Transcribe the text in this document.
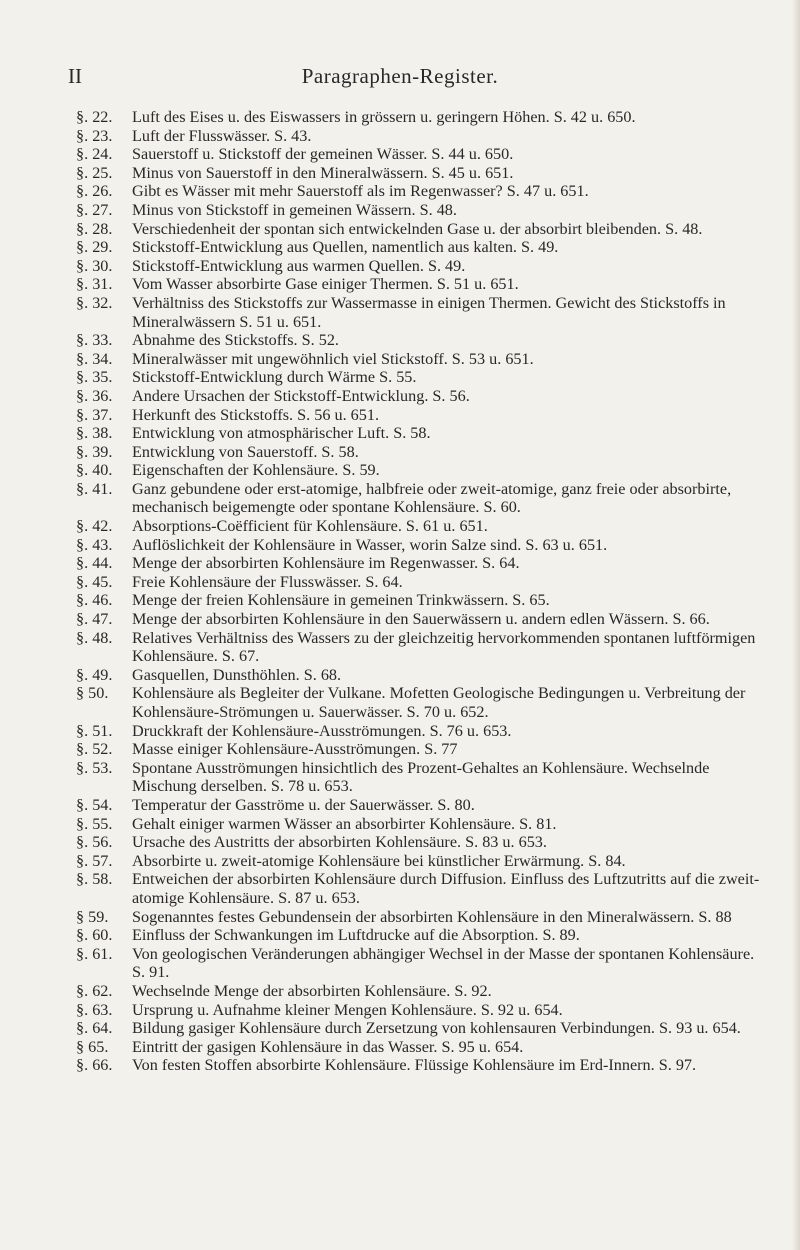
II	Paragraphen-Register.
§. 22.	Luft des Eises u. des Eiswassers in grössern u. geringern Höhen. S. 42 u. 650.
§. 23.	Luft der Flusswässer. S. 43.
§. 24.	Sauerstoff u. Stickstoff der gemeinen Wässer. S. 44 u. 650.
§. 25.	Minus von Sauerstoff in den Mineralwässern. S. 45 u. 651.
§. 26.	Gibt es Wässer mit mehr Sauerstoff als im Regenwasser? S. 47 u. 651.
§. 27.	Minus von Stickstoff in gemeinen Wässern. S. 48.
§. 28.	Verschiedenheit der spontan sich entwickelnden Gase u. der absorbirt bleibenden. S. 48.
§. 29.	Stickstoff-Entwicklung aus Quellen, namentlich aus kalten. S. 49.
§. 30.	Stickstoff-Entwicklung aus warmen Quellen. S. 49.
§. 31.	Vom Wasser absorbirte Gase einiger Thermen. S. 51 u. 651.
§. 32.	Verhältniss des Stickstoffs zur Wassermasse in einigen Thermen. Gewicht des Stickstoffs in Mineralwässern S. 51 u. 651.
§. 33.	Abnahme des Stickstoffs. S. 52.
§. 34.	Mineralwässer mit ungewöhnlich viel Stickstoff. S. 53 u. 651.
§. 35.	Stickstoff-Entwicklung durch Wärme S. 55.
§. 36.	Andere Ursachen der Stickstoff-Entwicklung. S. 56.
§. 37.	Herkunft des Stickstoffs. S. 56 u. 651.
§. 38.	Entwicklung von atmosphärischer Luft. S. 58.
§. 39.	Entwicklung von Sauerstoff. S. 58.
§. 40.	Eigenschaften der Kohlensäure. S. 59.
§. 41.	Ganz gebundene oder erst-atomige, halbfreie oder zweit-atomige, ganz freie oder absorbirte, mechanisch beigemengte oder spontane Kohlensäure. S. 60.
§. 42.	Absorptions-Coëfficient für Kohlensäure. S. 61 u. 651.
§. 43.	Auflöslichkeit der Kohlensäure in Wasser, worin Salze sind. S. 63 u. 651.
§. 44.	Menge der absorbirten Kohlensäure im Regenwasser. S. 64.
§. 45.	Freie Kohlensäure der Flusswässer. S. 64.
§. 46.	Menge der freien Kohlensäure in gemeinen Trinkwässern. S. 65.
§. 47.	Menge der absorbirten Kohlensäure in den Sauerwässern u. andern edlen Wässern. S. 66.
§. 48.	Relatives Verhältniss des Wassers zu der gleichzeitig hervorkommenden spontanen luftförmigen Kohlensäure. S. 67.
§. 49.	Gasquellen, Dunsthöhlen. S. 68.
§ 50.	Kohlensäure als Begleiter der Vulkane. Mofetten Geologische Bedingungen u. Verbreitung der Kohlensäure-Strömungen u. Sauerwässer. S. 70 u. 652.
§. 51.	Druckkraft der Kohlensäure-Ausströmungen. S. 76 u. 653.
§. 52.	Masse einiger Kohlensäure-Ausströmungen. S. 77
§. 53.	Spontane Ausströmungen hinsichtlich des Prozent-Gehaltes an Kohlensäure. Wechselnde Mischung derselben. S. 78 u. 653.
§. 54.	Temperatur der Gasströme u. der Sauerwässer. S. 80.
§. 55.	Gehalt einiger warmen Wässer an absorbirter Kohlensäure. S. 81.
§. 56.	Ursache des Austritts der absorbirten Kohlensäure. S. 83 u. 653.
§. 57.	Absorbirte u. zweit-atomige Kohlensäure bei künstlicher Erwärmung. S. 84.
§. 58.	Entweichen der absorbirten Kohlensäure durch Diffusion. Einfluss des Luftzutritts auf die zweit-atomige Kohlensäure. S. 87 u. 653.
§ 59.	Sogenanntes festes Gebundensein der absorbirten Kohlensäure in den Mineralwässern. S. 88
§. 60.	Einfluss der Schwankungen im Luftdrucke auf die Absorption. S. 89.
§. 61.	Von geologischen Veränderungen abhängiger Wechsel in der Masse der spontanen Kohlensäure. S. 91.
§. 62.	Wechselnde Menge der absorbirten Kohlensäure. S. 92.
§. 63.	Ursprung u. Aufnahme kleiner Mengen Kohlensäure. S. 92 u. 654.
§. 64.	Bildung gasiger Kohlensäure durch Zersetzung von kohlensauren Verbindungen. S. 93 u. 654.
§ 65.	Eintritt der gasigen Kohlensäure in das Wasser. S. 95 u. 654.
§. 66.	Von festen Stoffen absorbirte Kohlensäure. Flüssige Kohlensäure im Erd-Innern. S. 97.
